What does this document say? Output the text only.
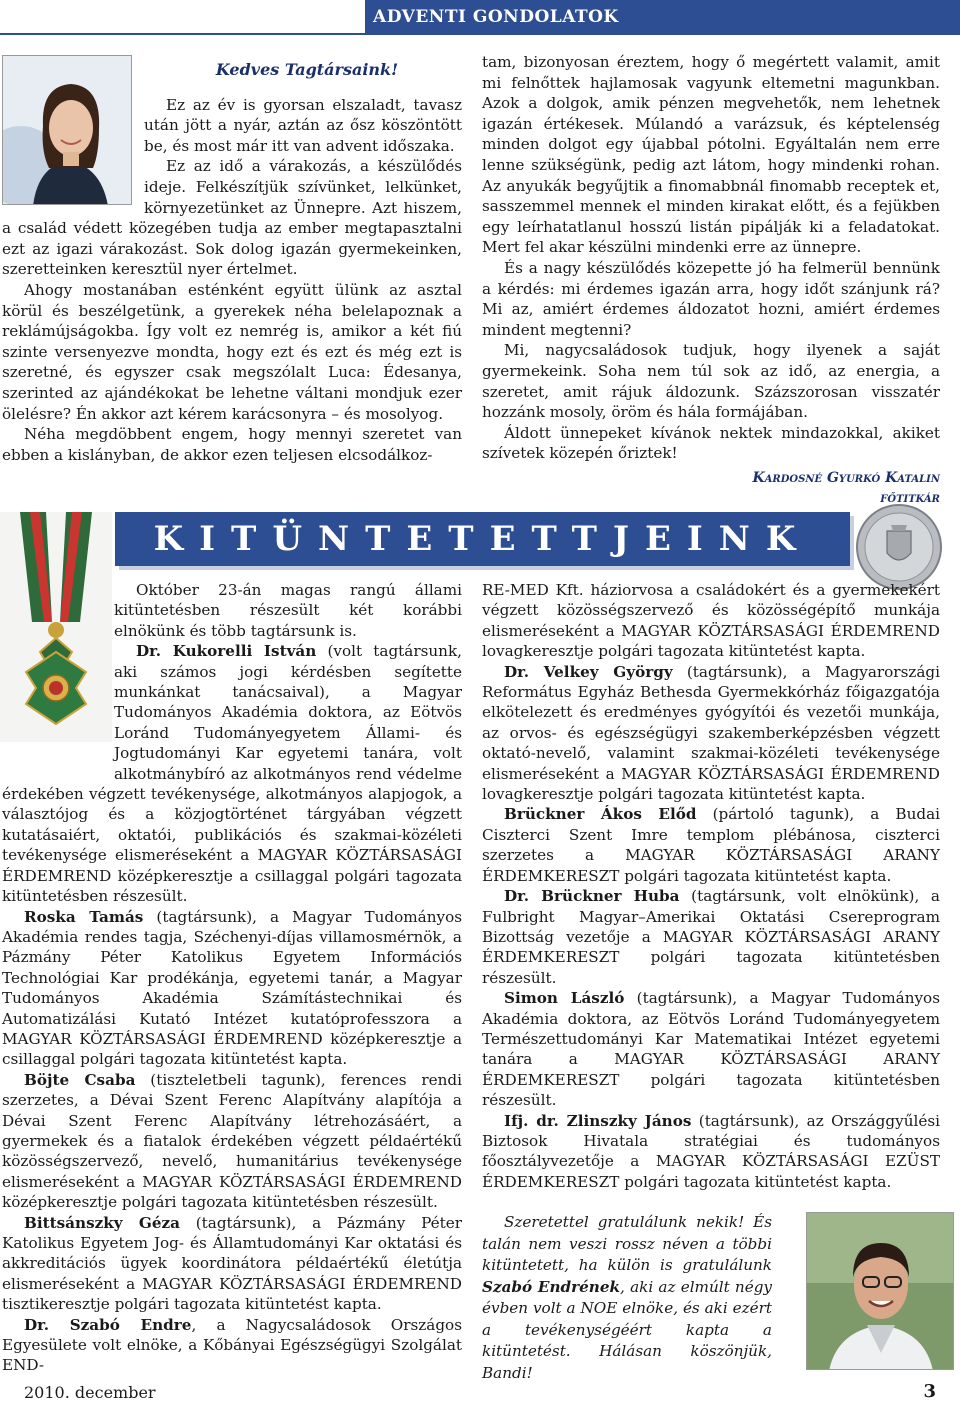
ADVENTI GONDOLATOK
Kedves Tagtársaink!

Ez az év is gyorsan elszaladt, tavasz után jött a nyár, aztán az ősz köszöntött be, és most már itt van advent időszaka.

Ez az idő a várakozás, a készülődés ideje. Felkészítjük szívünket, lelkünket, környezetünket az Ünnepre. Azt hiszem, a család védett közegében tudja az ember megtapasztalni ezt az igazi várakozást. Sok dolog igazán gyermekeinken, szeretteinken keresztül nyer értelmet.

Ahogy mostanában esténként együtt ülünk az asztal körül és beszélgetünk, a gyerekek néha belelapoznak a reklámújságokba. Így volt ez nemrég is, amikor a két fiú szinte versenyezve mondta, hogy ezt és ezt és még ezt is szeretné, és egyszer csak megszólalt Luca: Édesanya, szerinted az ajándékokat be lehetne váltani mondjuk ezer ölelésre? Én akkor azt kérem karácsonyra – és mosolyog.

Néha megdöbbent engem, hogy mennyi szeretet van ebben a kislányban, de akkor ezen teljesen elcsodálkoz-

tam, bizonyosan éreztem, hogy ő megértett valamit, amit mi felnőttek hajlamosak vagyunk eltemetni magunkban. Azok a dolgok, amik pénzen megvehetők, nem lehetnek igazán értékesek. Múlandó a varázsuk, és képtelenség minden dolgot egy újabbal pótolni. Egyáltalán nem erre lenne szükségünk, pedig azt látom, hogy mindenki rohan. Az anyukák begyűjtik a finomabbnál finomabb receptek et, sasszemmel mennek el minden kirakat előtt, és a fejükben egy leírhatatlanul hosszú listán pipálják ki a feladatokat. Mert fel akar készülni mindenki erre az ünnepre.

És a nagy készülődés közepette jó ha felmerül bennünk a kérdés: mi érdemes igazán arra, hogy időt szánjunk rá? Mi az, amiért érdemes áldozatot hozni, amiért érdemes mindent megtenni?

Mi, nagycsaládosok tudjuk, hogy ilyenek a saját gyermekeink. Soha nem túl sok az idő, az energia, a szeretet, amit rájuk áldozunk. Százszorosan visszatér hozzánk mosoly, öröm és hála formájában.

Áldott ünnepeket kívánok nektek mindazokkal, akiket szívetek közepén őriztek!

Kardosné Gyurkó Katalin
főtitkár
KITÜNTETETTJEINK

Október 23-án magas rangú állami kitüntetésben részesült két korábbi elnökünk és több tagtársunk is.

Dr. Kukorelli István (volt tagtársunk, aki számos jogi kérdésben segítette munkánkat tanácsaival), a Magyar Tudományos Akadémia doktora, az Eötvös Loránd Tudományegyetem Állami- és Jogtudományi Kar egyetemi tanára, volt alkotmánybíró az alkotmányos rend védelme érdekében végzett tevékenysége, alkotmányos alapjogok, a választójog és a közjogtörténet tárgyában végzett kutatásaiért, oktatói, publikációs és szakmai-közéleti tevékenysége elismeréseként a MAGYAR KÖZTÁRSASÁGI ÉRDEMREND középkeresztje a csillaggal polgári tagozata kitüntetésben részesült.

Roska Tamás (tagtársunk), a Magyar Tudományos Akadémia rendes tagja, Széchenyi-díjas villamosmérnök, a Pázmány Péter Katolikus Egyetem Információs Technológiai Kar prodékánja, egyetemi tanár, a Magyar Tudományos Akadémia Számítástechnikai és Automatizálási Kutató Intézet kutatóprofesszora a MAGYAR KÖZTÁRSASÁGI ÉRDEMREND középkeresztje a csillaggal polgári tagozata kitüntetést kapta.

Böjte Csaba (tiszteletbeli tagunk), ferences rendi szerzetes, a Dévai Szent Ferenc Alapítvány alapítója a Dévai Szent Ferenc Alapítvány létrehozásáért, a gyermekek és a fiatalok érdekében végzett példaértékű közösségszervező, nevelő, humanitárius tevékenysége elismeréseként a MAGYAR KÖZTÁRSASÁGI ÉRDEMREND középkeresztje polgári tagozata kitüntetésben részesült.

Bittsánszky Géza (tagtársunk), a Pázmány Péter Katolikus Egyetem Jog- és Államtudományi Kar oktatási és akkreditációs ügyek koordinátora példaértékű életútja elismeréseként a MAGYAR KÖZTÁRSASÁGI ÉRDEMREND tisztikeresztje polgári tagozata kitüntetést kapta.

Dr. Szabó Endre, a Nagycsaládosok Országos Egyesülete volt elnöke, a Kőbányai Egészségügyi Szolgálat END-

RE-MED Kft. háziorvosa a családokért és a gyermekekért végzett közösségszervező és közösségépítő munkája elismeréseként a MAGYAR KÖZTÁRSASÁGI ÉRDEMREND lovagkeresztje polgári tagozata kitüntetést kapta.

Dr. Velkey György (tagtársunk), a Magyarországi Református Egyház Bethesda Gyermekkórház főigazgatója elkötelezett és eredményes gyógyítói és vezetői munkája, az orvos- és egészségügyi szakemberképzésben végzett oktató-nevelő, valamint szakmai-közéleti tevékenysége elismeréseként a MAGYAR KÖZTÁRSASÁGI ÉRDEMREND lovagkeresztje polgári tagozata kitüntetést kapta.

Brückner Ákos Előd (pártoló tagunk), a Budai Ciszterci Szent Imre templom plébánosa, ciszterci szerzetes a MAGYAR KÖZTÁRSASÁGI ARANY ÉRDEMKERESZT polgári tagozata kitüntetést kapta.

Dr. Brückner Huba (tagtársunk, volt elnökünk), a Fulbright Magyar–Amerikai Oktatási Csereprogram Bizottság vezetője a MAGYAR KÖZTÁRSASÁGI ARANY ÉRDEMKERESZT polgári tagozata kitüntetésben részesült.

Simon László (tagtársunk), a Magyar Tudományos Akadémia doktora, az Eötvös Loránd Tudományegyetem Természettudományi Kar Matematikai Intézet egyetemi tanára a MAGYAR KÖZTÁRSASÁGI ARANY ÉRDEMKERESZT polgári tagozata kitüntetésben részesült.

Ifj. dr. Zlinszky János (tagtársunk), az Országgyűlési Biztosok Hivatala stratégiai és tudományos főosztályvezetője a MAGYAR KÖZTÁRSASÁGI EZÜST ÉRDEMKERESZT polgári tagozata kitüntetést kapta.

Szeretettel gratulálunk nekik! És talán nem veszi rossz néven a többi kitüntetett, ha külön is gratulálunk Szabó Endrének, aki az elmúlt négy évben volt a NOE elnöke, és aki ezért a tevékenységéért kapta a kitüntetést. Hálásan köszönjük, Bandi!

2010. december	3
